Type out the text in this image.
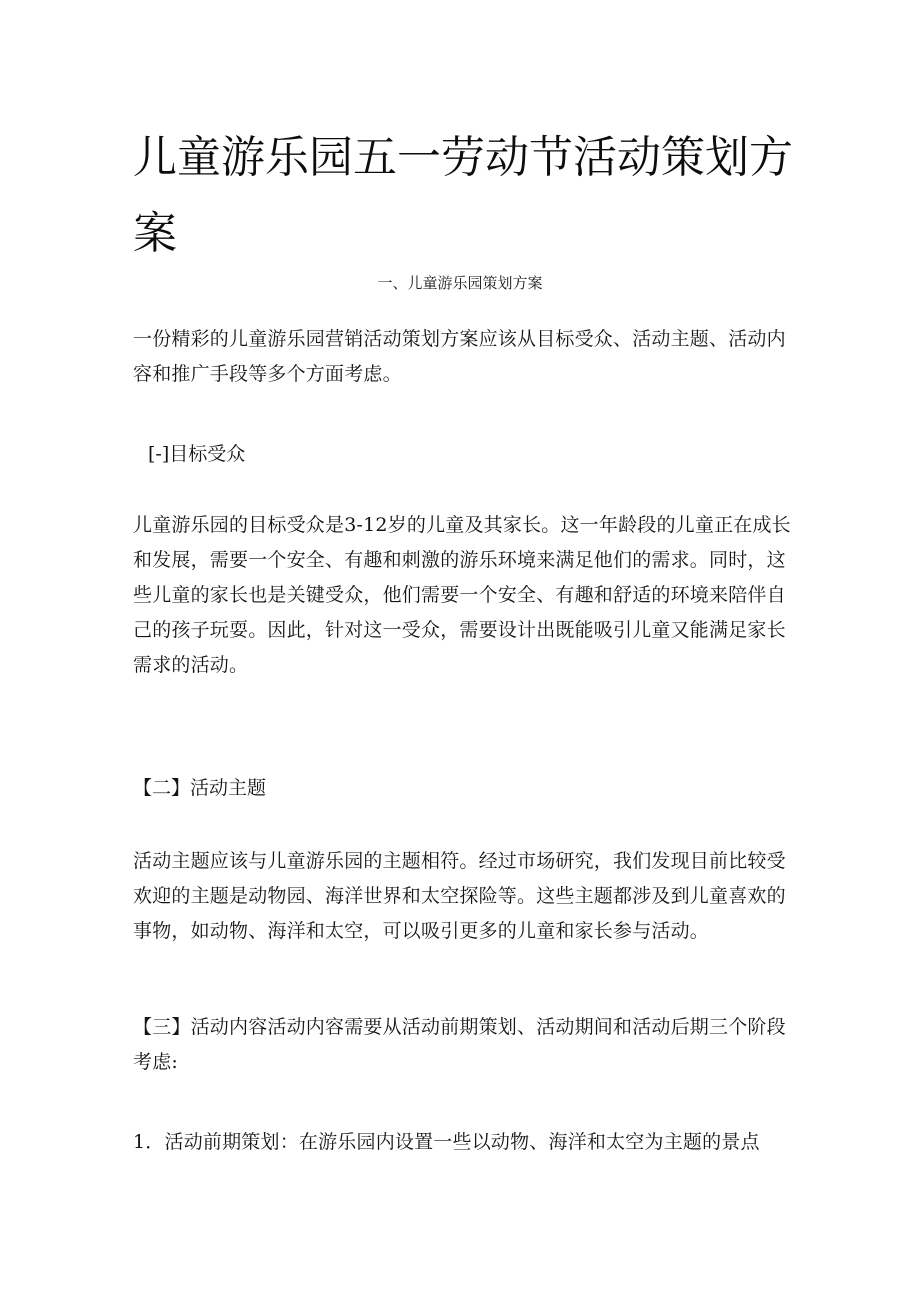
儿童游乐园五一劳动节活动策划方案
一、儿童游乐园策划方案

一份精彩的儿童游乐园营销活动策划方案应该从目标受众、活动主题、活动内容和推广手段等多个方面考虑。

[-]目标受众

儿童游乐园的目标受众是3-12岁的儿童及其家长。这一年龄段的儿童正在成长和发展，需要一个安全、有趣和刺激的游乐环境来满足他们的需求。同时，这些儿童的家长也是关键受众，他们需要一个安全、有趣和舒适的环境来陪伴自己的孩子玩耍。因此，针对这一受众，需要设计出既能吸引儿童又能满足家长需求的活动。

【二】活动主题

活动主题应该与儿童游乐园的主题相符。经过市场研究，我们发现目前比较受欢迎的主题是动物园、海洋世界和太空探险等。这些主题都涉及到儿童喜欢的事物，如动物、海洋和太空，可以吸引更多的儿童和家长参与活动。

【三】活动内容活动内容需要从活动前期策划、活动期间和活动后期三个阶段考虑:

1．活动前期策划：在游乐园内设置一些以动物、海洋和太空为主题的景点
